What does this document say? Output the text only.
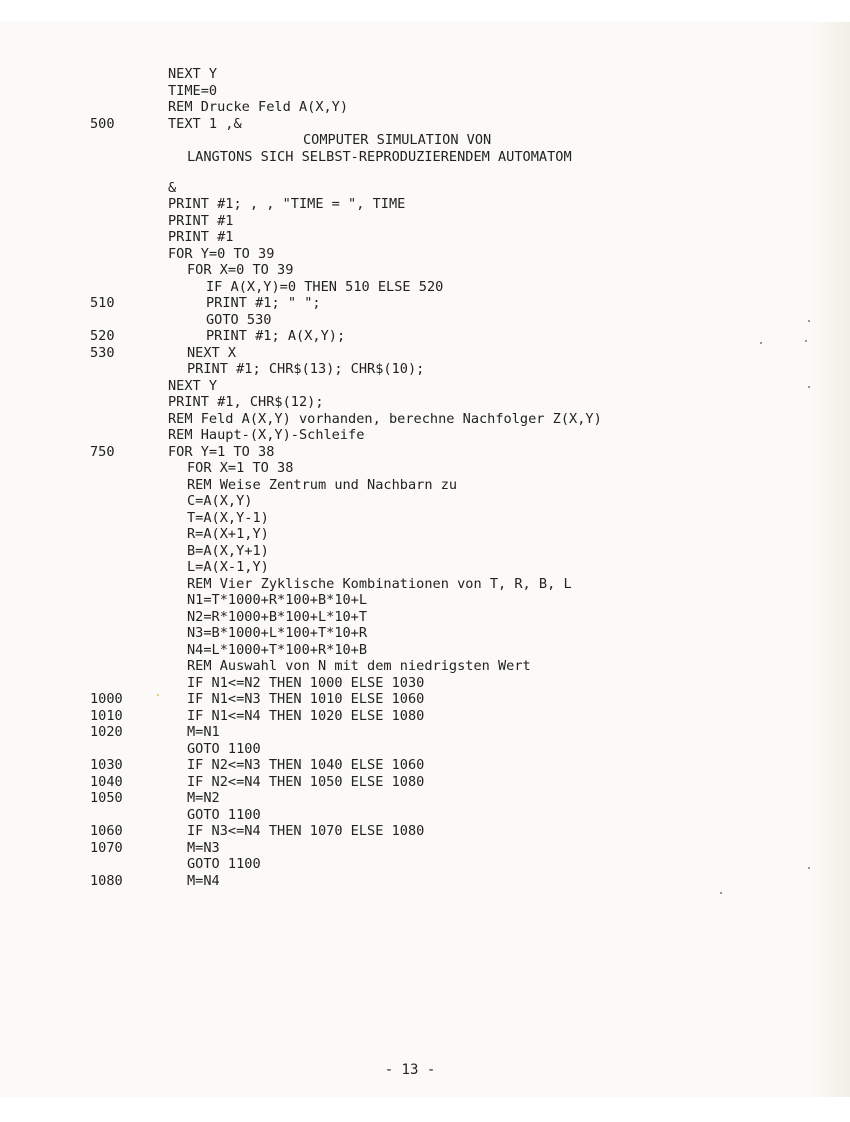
NEXT Y
TIME=0
REM Drucke Feld A(X,Y)
500	TEXT 1 ,&
COMPUTER SIMULATION VON
LANGTONS SICH SELBST-REPRODUZIERENDEM AUTOMATOM
&
PRINT #1; , , "TIME = ", TIME
PRINT #1
PRINT #1
FOR Y=0 TO 39
FOR X=0 TO 39
IF A(X,Y)=0 THEN 510 ELSE 520
510	PRINT #1; " ";
GOTO 530
520	PRINT #1; A(X,Y);
530	NEXT X
PRINT #1; CHR$(13); CHR$(10);
NEXT Y
PRINT #1, CHR$(12);
REM Feld A(X,Y) vorhanden, berechne Nachfolger Z(X,Y)
REM Haupt-(X,Y)-Schleife
750	FOR Y=1 TO 38
FOR X=1 TO 38
REM Weise Zentrum und Nachbarn zu
C=A(X,Y)
T=A(X,Y-1)
R=A(X+1,Y)
B=A(X,Y+1)
L=A(X-1,Y)
REM Vier Zyklische Kombinationen von T, R, B, L
N1=T*1000+R*100+B*10+L
N2=R*1000+B*100+L*10+T
N3=B*1000+L*100+T*10+R
N4=L*1000+T*100+R*10+B
REM Auswahl von N mit dem niedrigsten Wert
IF N1<=N2 THEN 1000 ELSE 1030
1000	IF N1<=N3 THEN 1010 ELSE 1060
1010	IF N1<=N4 THEN 1020 ELSE 1080
1020	M=N1
GOTO 1100
1030	IF N2<=N3 THEN 1040 ELSE 1060
1040	IF N2<=N4 THEN 1050 ELSE 1080
1050	M=N2
GOTO 1100
1060	IF N3<=N4 THEN 1070 ELSE 1080
1070	M=N3
GOTO 1100
1080	M=N4
- 13 -
